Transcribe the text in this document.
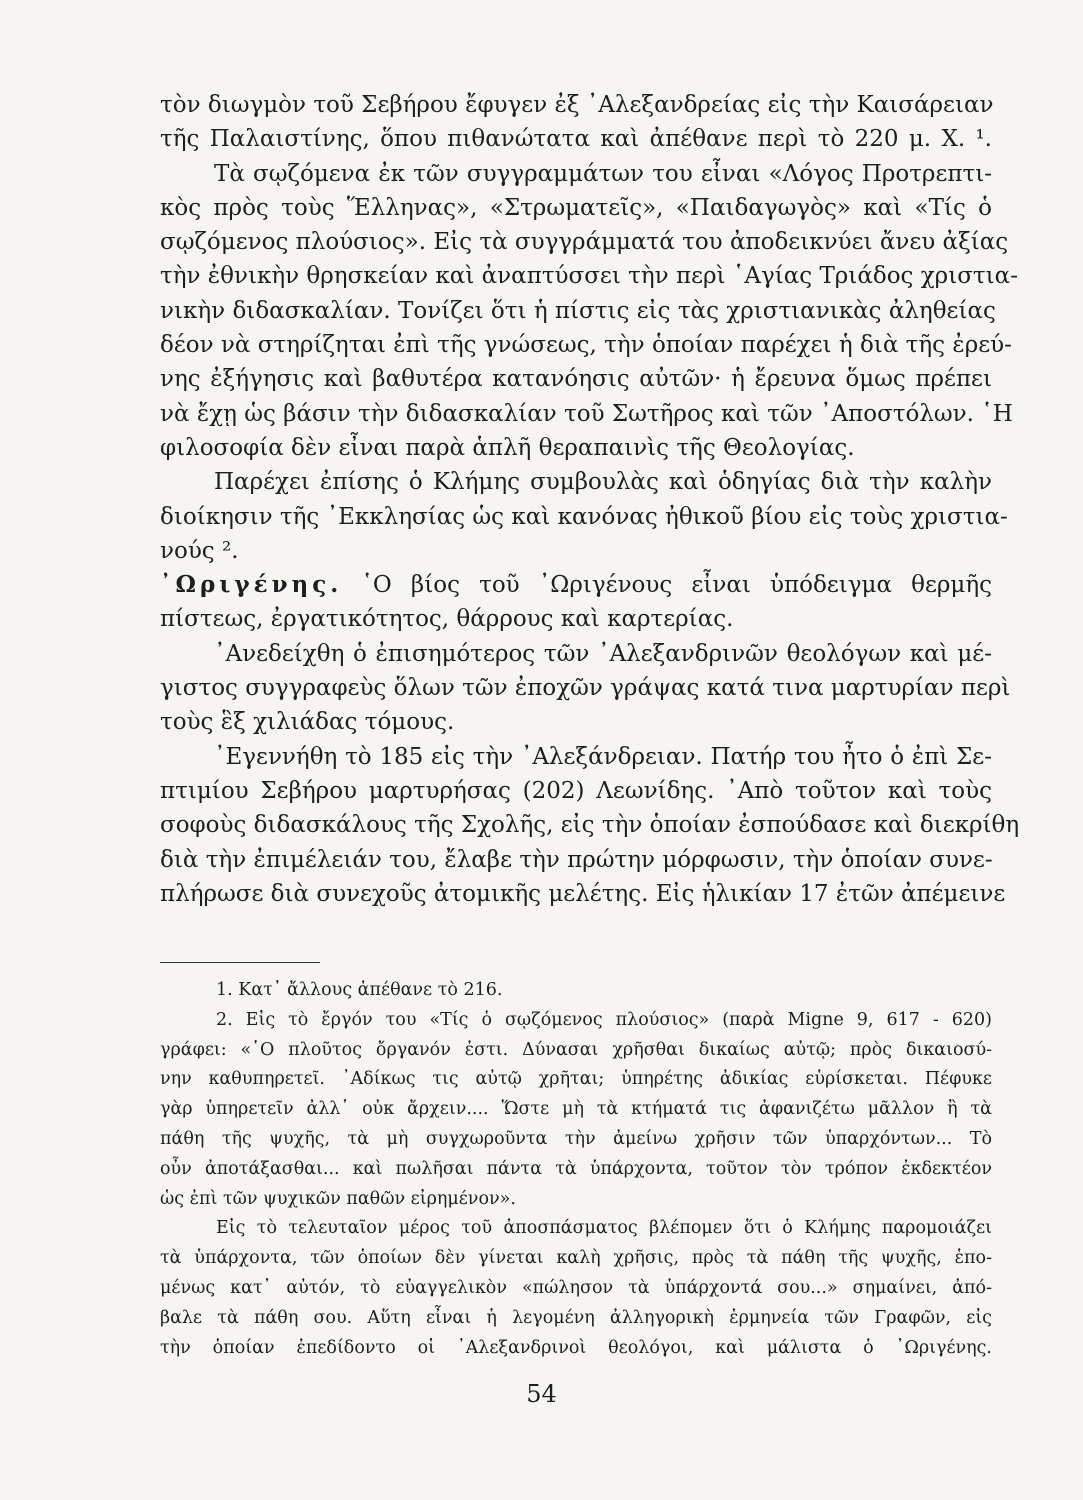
τὸν διωγμὸν τοῦ Σεβήρου ἔφυγεν ἐξ ᾿Αλεξανδρείας εἰς τὴν Καισάρειαν
τῆς Παλαιστίνης, ὅπου πιθανώτατα καὶ ἀπέθανε περὶ τὸ 220 μ. Χ. ¹.
Τὰ σῳζόμενα ἐκ τῶν συγγραμμάτων του εἶναι «Λόγος Προτρεπτι-
κὸς πρὸς τοὺς Ἕλληνας», «Στρωματεῖς», «Παιδαγωγὸς» καὶ «Τίς ὁ
σῳζόμενος πλούσιος». Εἰς τὰ συγγράμματά του ἀποδεικνύει ἄνευ ἀξίας
τὴν ἐθνικὴν θρησκείαν καὶ ἀναπτύσσει τὴν περὶ ῾Αγίας Τριάδος χριστια-
νικὴν διδασκαλίαν. Τονίζει ὅτι ἡ πίστις εἰς τὰς χριστιανικὰς ἀληθείας
δέον νὰ στηρίζηται ἐπὶ τῆς γνώσεως, τὴν ὁποίαν παρέχει ἡ διὰ τῆς ἐρεύ-
νης ἐξήγησις καὶ βαθυτέρα κατανόησις αὐτῶν· ἡ ἔρευνα ὅμως πρέπει
νὰ ἔχῃ ὡς βάσιν τὴν διδασκαλίαν τοῦ Σωτῆρος καὶ τῶν ᾿Αποστόλων. ῾Η
φιλοσοφία δὲν εἶναι παρὰ ἁπλῆ θεραπαινὶς τῆς Θεολογίας.
Παρέχει ἐπίσης ὁ Κλήμης συμβουλὰς καὶ ὁδηγίας διὰ τὴν καλὴν
διοίκησιν τῆς ᾿Εκκλησίας ὡς καὶ κανόνας ἠθικοῦ βίου εἰς τοὺς χριστια-
νούς ².
᾿Ωριγένης. ῾Ο βίος τοῦ ᾿Ωριγένους εἶναι ὑπόδειγμα θερμῆς
πίστεως, ἐργατικότητος, θάρρους καὶ καρτερίας.
᾿Ανεδείχθη ὁ ἐπισημότερος τῶν ᾿Αλεξανδρινῶν θεολόγων καὶ μέ-
γιστος συγγραφεὺς ὅλων τῶν ἐποχῶν γράψας κατά τινα μαρτυρίαν περὶ
τοὺς ἓξ χιλιάδας τόμους.
᾿Εγεννήθη τὸ 185 εἰς τὴν ᾿Αλεξάνδρειαν. Πατήρ του ἦτο ὁ ἐπὶ Σε-
πτιμίου Σεβήρου μαρτυρήσας (202) Λεωνίδης. ᾿Απὸ τοῦτον καὶ τοὺς
σοφοὺς διδασκάλους τῆς Σχολῆς, εἰς τὴν ὁποίαν ἐσπούδασε καὶ διεκρίθη
διὰ τὴν ἐπιμέλειάν του, ἔλαβε τὴν πρώτην μόρφωσιν, τὴν ὁποίαν συνε-
πλήρωσε διὰ συνεχοῦς ἀτομικῆς μελέτης. Εἰς ἡλικίαν 17 ἐτῶν ἀπέμεινε
1. Κατ᾿ ἄλλους ἀπέθανε τὸ 216.
2. Εἰς τὸ ἔργόν του «Τίς ὁ σῳζόμενος πλούσιος» (παρὰ Migne 9, 617 - 620)
γράφει: «῾Ο πλοῦτος ὄργανόν ἐστι. Δύνασαι χρῆσθαι δικαίως αὐτῷ; πρὸς δικαιοσύ-
νην καθυπηρετεῖ. ᾿Αδίκως τις αὐτῷ χρῆται; ὑπηρέτης ἀδικίας εὑρίσκεται. Πέφυκε
γὰρ ὑπηρετεῖν ἀλλ᾿ οὐκ ἄρχειν.... Ὥστε μὴ τὰ κτήματά τις ἀφανιζέτω μᾶλλον ἢ τὰ
πάθη τῆς ψυχῆς, τὰ μὴ συγχωροῦντα τὴν ἀμείνω χρῆσιν τῶν ὑπαρχόντων... Τὸ
οὖν ἀποτάξασθαι... καὶ πωλῆσαι πάντα τὰ ὑπάρχοντα, τοῦτον τὸν τρόπον ἐκδεκτέον
ὡς ἐπὶ τῶν ψυχικῶν παθῶν εἰρημένον».
Εἰς τὸ τελευταῖον μέρος τοῦ ἀποσπάσματος βλέπομεν ὅτι ὁ Κλήμης παρομοιάζει
τὰ ὑπάρχοντα, τῶν ὁποίων δὲν γίνεται καλὴ χρῆσις, πρὸς τὰ πάθη τῆς ψυχῆς, ἑπο-
μένως κατ᾿ αὐτόν, τὸ εὐαγγελικὸν «πώλησον τὰ ὑπάρχοντά σου...» σημαίνει, ἀπό-
βαλε τὰ πάθη σου. Αὕτη εἶναι ἡ λεγομένη ἀλληγορικὴ ἑρμηνεία τῶν Γραφῶν, εἰς
τὴν ὁποίαν ἐπεδίδοντο οἱ ᾿Αλεξανδρινοὶ θεολόγοι, καὶ μάλιστα ὁ ᾿Ωριγένης.
54
